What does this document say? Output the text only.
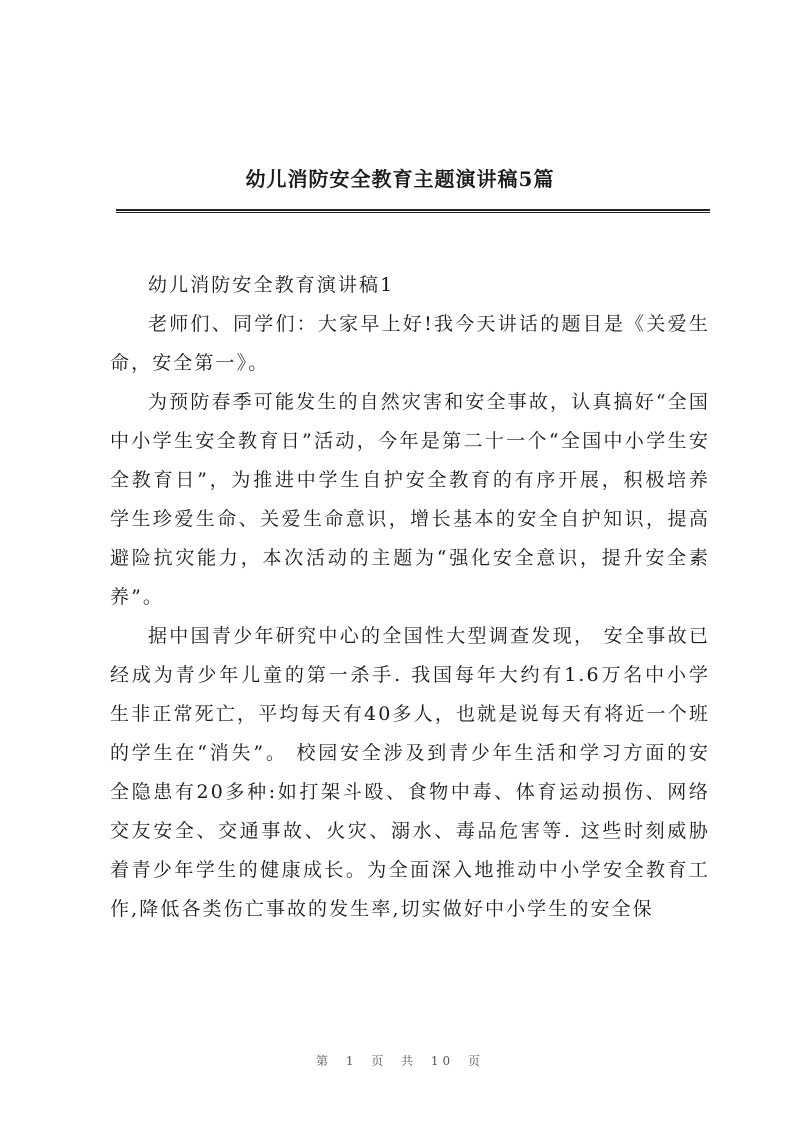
幼儿消防安全教育主题演讲稿5篇

幼儿消防安全教育演讲稿1

老师们、同学们：大家早上好!我今天讲话的题目是《关爱生命，安全第一》。

为预防春季可能发生的自然灾害和安全事故，认真搞好“全国中小学生安全教育日”活动，今年是第二十一个“全国中小学生安全教育日”，为推进中学生自护安全教育的有序开展，积极培养学生珍爱生命、关爱生命意识，增长基本的安全自护知识，提高避险抗灾能力，本次活动的主题为“强化安全意识，提升安全素养”。

据中国青少年研究中心的全国性大型调查发现， 安全事故已经成为青少年儿童的第一杀手. 我国每年大约有1.6万名中小学生非正常死亡，平均每天有40多人，也就是说每天有将近一个班的学生在“消失”。 校园安全涉及到青少年生活和学习方面的安全隐患有20多种:如打架斗殴、食物中毒、体育运动损伤、网络交友安全、交通事故、火灾、溺水、毒品危害等. 这些时刻威胁着青少年学生的健康成长。为全面深入地推动中小学安全教育工作,降低各类伤亡事故的发生率,切实做好中小学生的安全保

第 1 页 共 10 页
